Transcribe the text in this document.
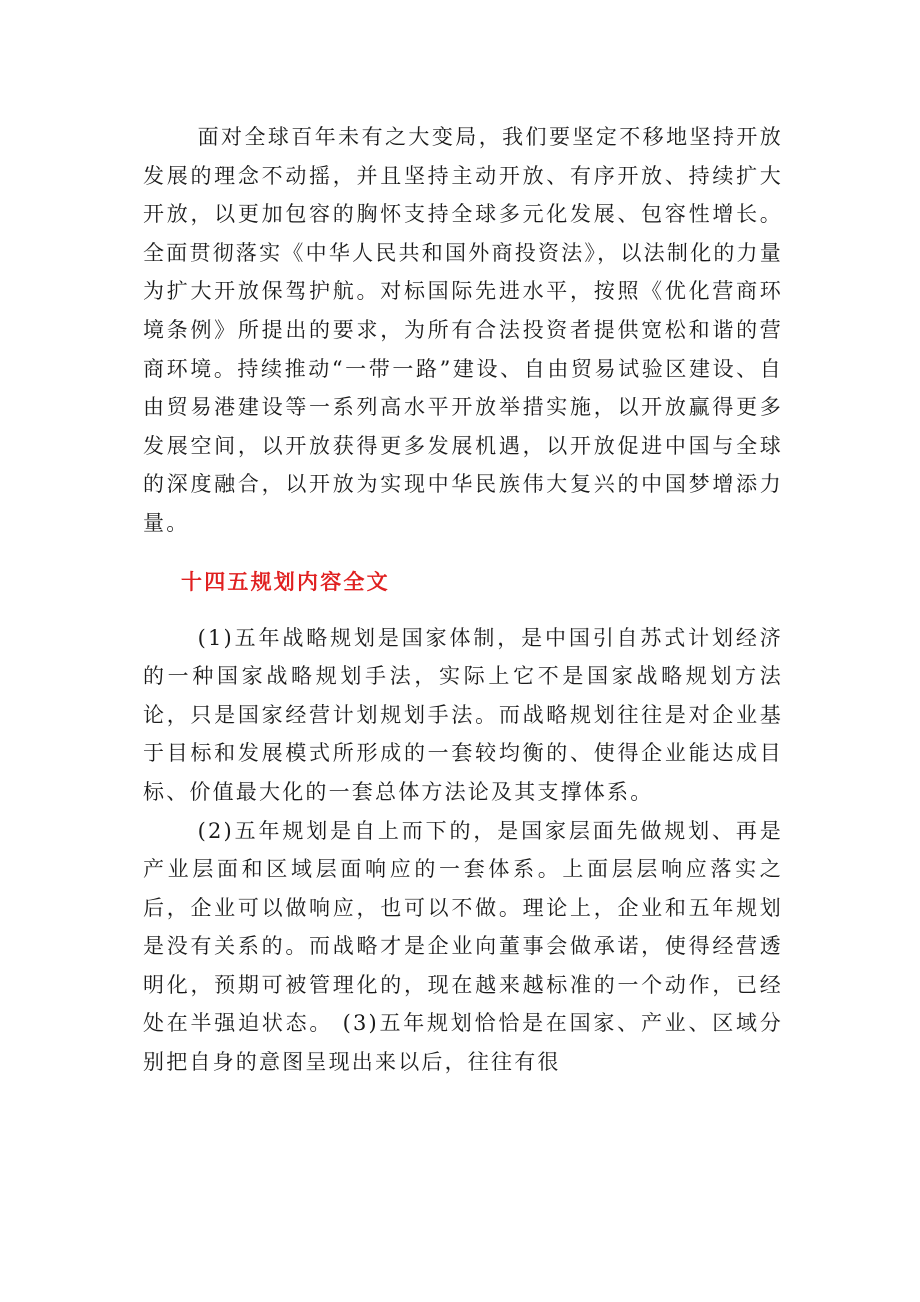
面对全球百年未有之大变局，我们要坚定不移地坚持开放发展的理念不动摇，并且坚持主动开放、有序开放、持续扩大开放，以更加包容的胸怀支持全球多元化发展、包容性增长。全面贯彻落实《中华人民共和国外商投资法》，以法制化的力量为扩大开放保驾护航。对标国际先进水平，按照《优化营商环境条例》所提出的要求，为所有合法投资者提供宽松和谐的营商环境。持续推动“一带一路”建设、自由贸易试验区建设、自由贸易港建设等一系列高水平开放举措实施，以开放赢得更多发展空间，以开放获得更多发展机遇，以开放促进中国与全球的深度融合，以开放为实现中华民族伟大复兴的中国梦增添力量。

十四五规划内容全文

(1)五年战略规划是国家体制，是中国引自苏式计划经济的一种国家战略规划手法，实际上它不是国家战略规划方法论，只是国家经营计划规划手法。而战略规划往往是对企业基于目标和发展模式所形成的一套较均衡的、使得企业能达成目标、价值最大化的一套总体方法论及其支撑体系。

(2)五年规划是自上而下的，是国家层面先做规划、再是产业层面和区域层面响应的一套体系。上面层层响应落实之后，企业可以做响应，也可以不做。理论上，企业和五年规划是没有关系的。而战略才是企业向董事会做承诺，使得经营透明化，预期可被管理化的，现在越来越标准的一个动作，已经处在半强迫状态。 (3)五年规划恰恰是在国家、产业、区域分别把自身的意图呈现出来以后，往往有很
